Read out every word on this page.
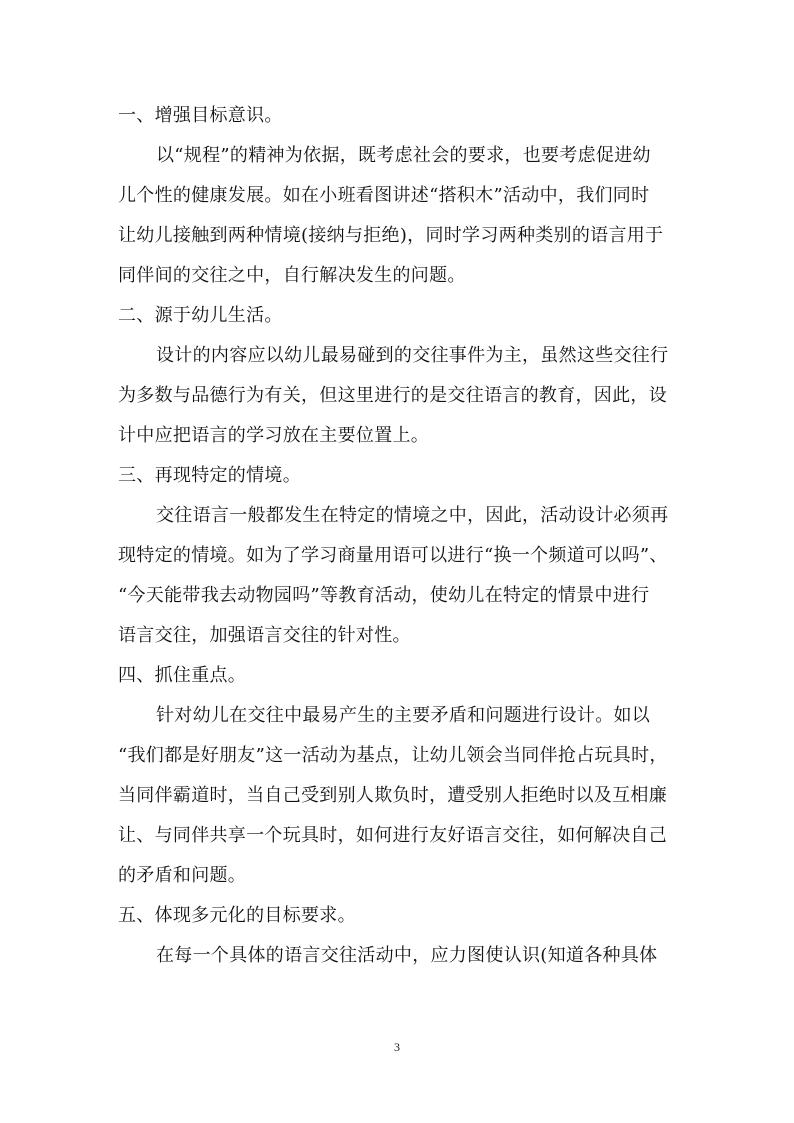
一、增强目标意识。
以“规程”的精神为依据，既考虑社会的要求，也要考虑促进幼
儿个性的健康发展。如在小班看图讲述“搭积木”活动中，我们同时
让幼儿接触到两种情境(接纳与拒绝)，同时学习两种类别的语言用于
同伴间的交往之中，自行解决发生的问题。
二、源于幼儿生活。
设计的内容应以幼儿最易碰到的交往事件为主，虽然这些交往行
为多数与品德行为有关，但这里进行的是交往语言的教育，因此，设
计中应把语言的学习放在主要位置上。
三、再现特定的情境。
交往语言一般都发生在特定的情境之中，因此，活动设计必须再
现特定的情境。如为了学习商量用语可以进行“换一个频道可以吗”、
“今天能带我去动物园吗”等教育活动，使幼儿在特定的情景中进行
语言交往，加强语言交往的针对性。
四、抓住重点。
针对幼儿在交往中最易产生的主要矛盾和问题进行设计。如以
“我们都是好朋友”这一活动为基点，让幼儿领会当同伴抢占玩具时，
当同伴霸道时，当自己受到别人欺负时，遭受别人拒绝时以及互相廉
让、与同伴共享一个玩具时，如何进行友好语言交往，如何解决自己
的矛盾和问题。
五、体现多元化的目标要求。
在每一个具体的语言交往活动中，应力图使认识(知道各种具体
3
